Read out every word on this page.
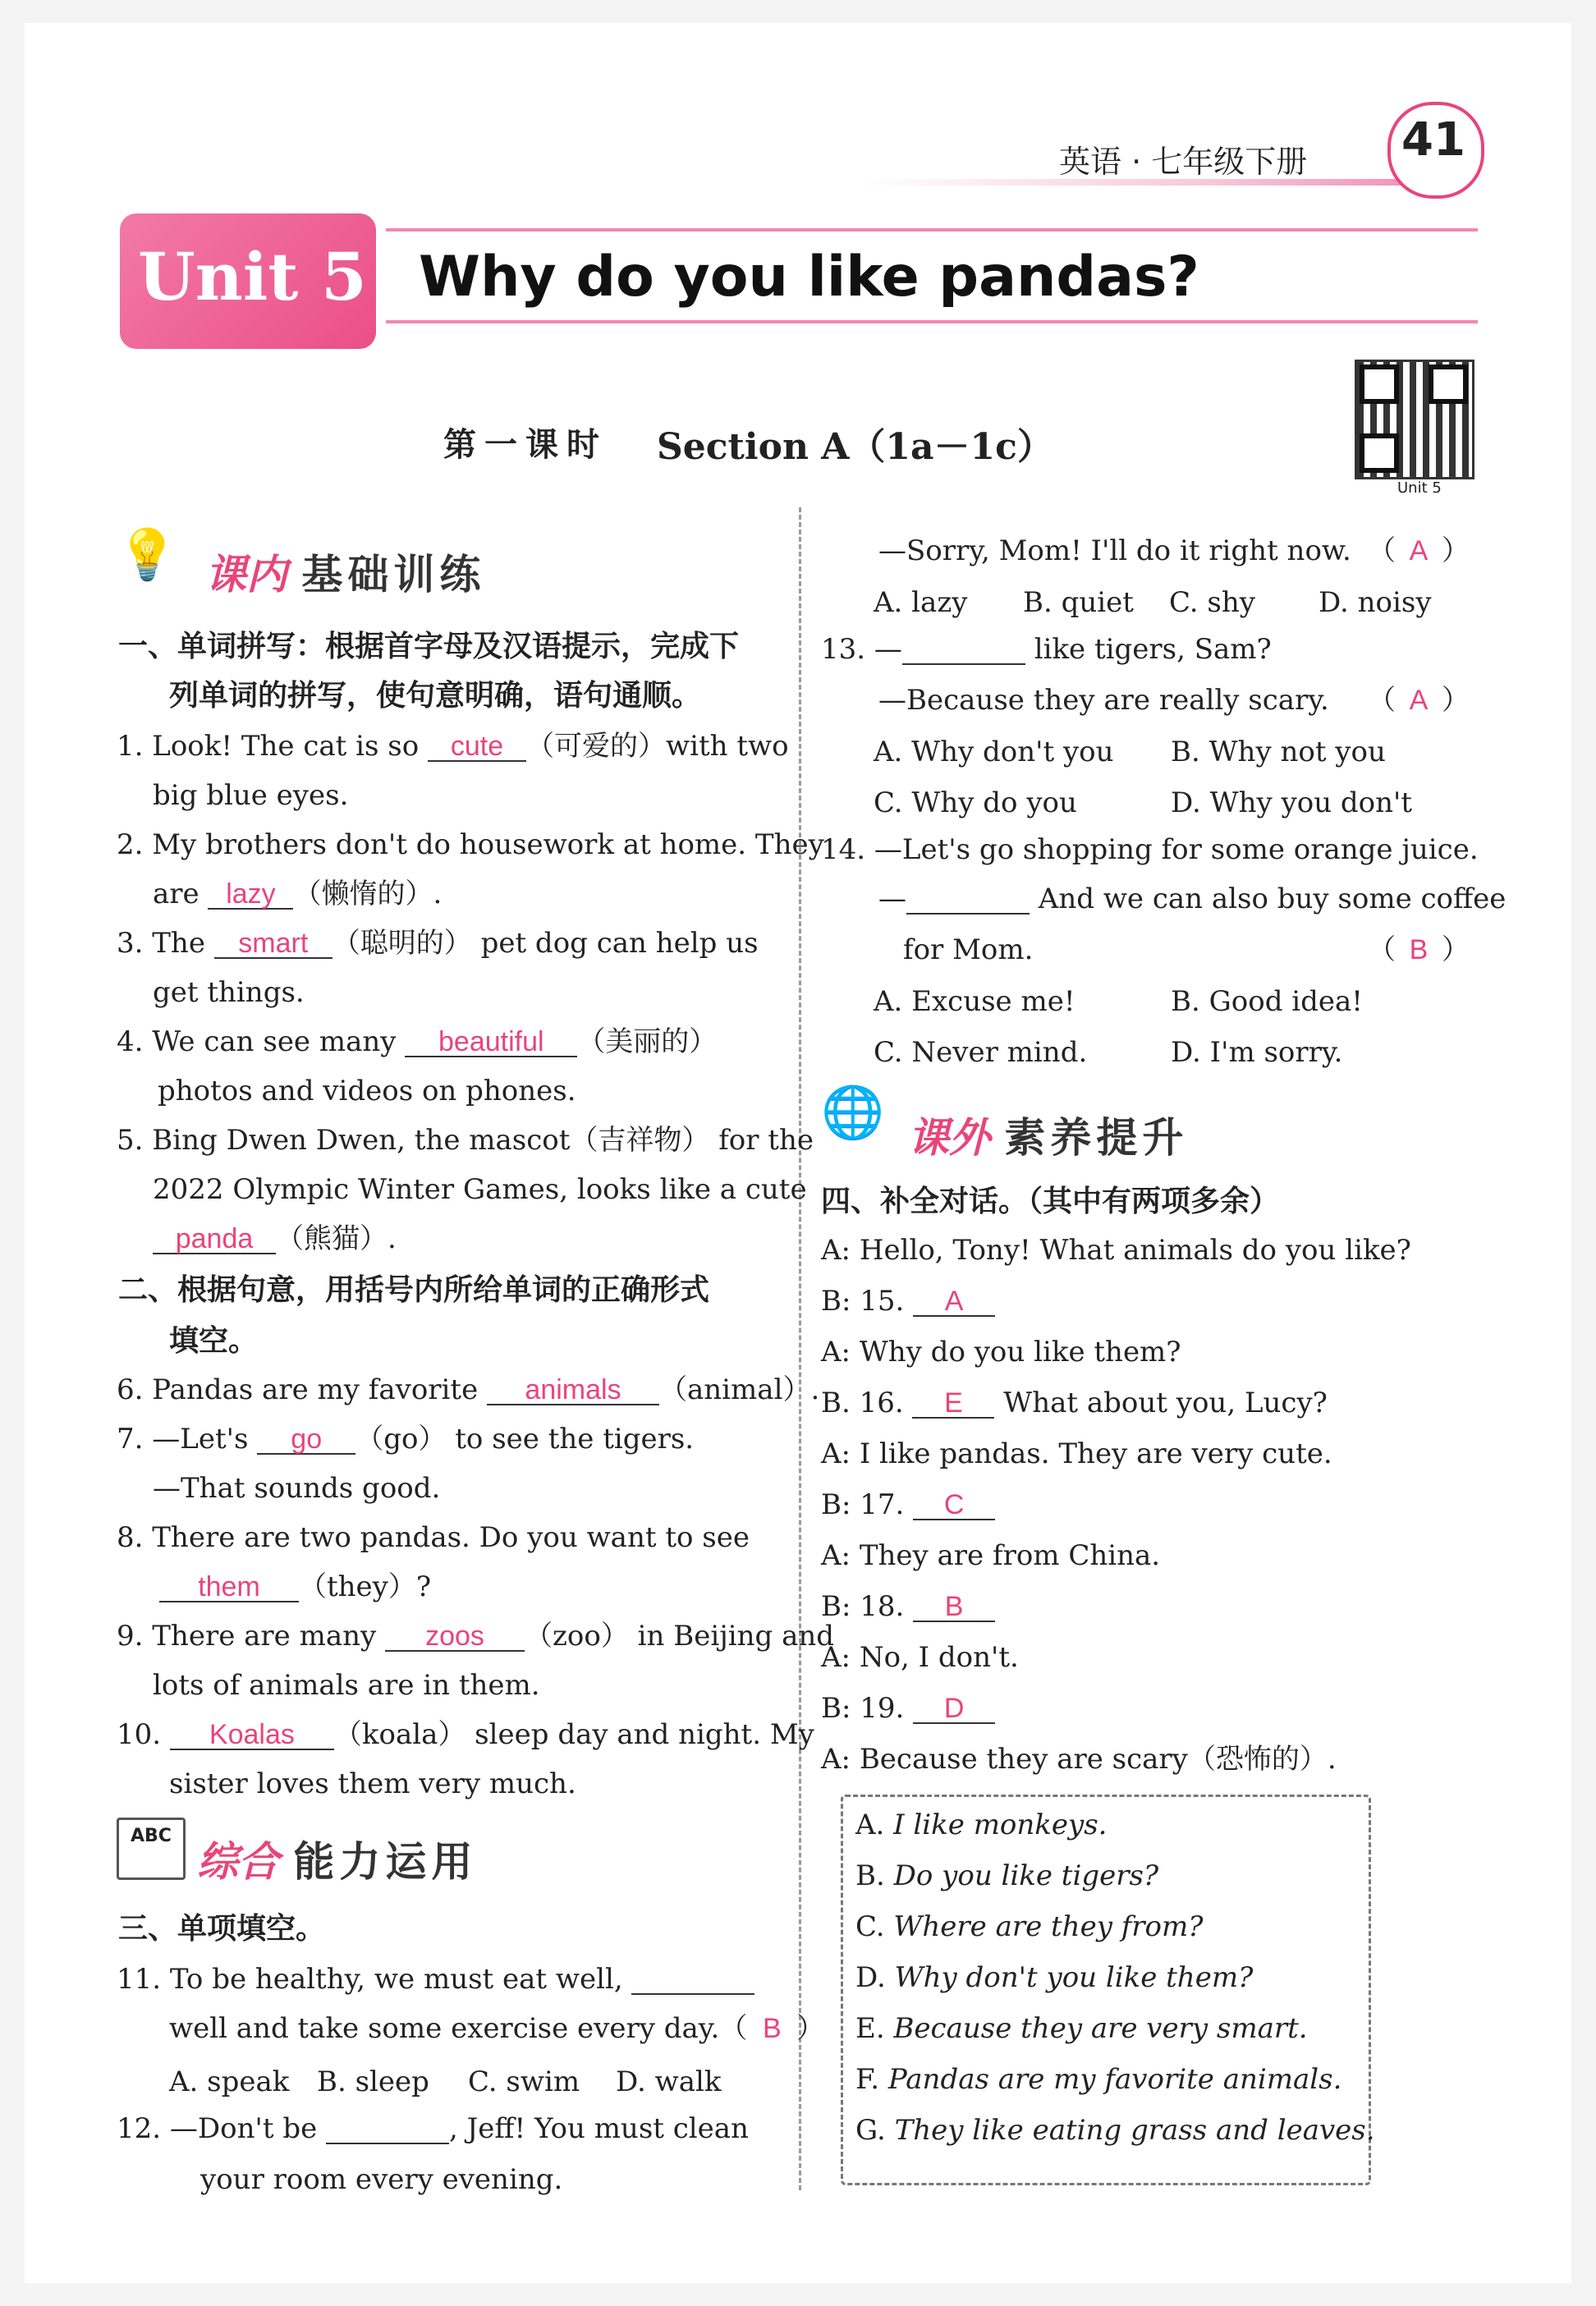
英语 · 七年级下册 41
Unit 5 Why do you like pandas?
Unit 5
第一课时 Section A（1a－1c）
💡 课内 基础训练
一、单词拼写：根据首字母及汉语提示，完成下
列单词的拼写，使句意明确，语句通顺。
1. Look! The cat is so cute （可爱的）with two
big blue eyes.
2. My brothers don't do housework at home. They
are lazy （懒惰的）.
3. The smart （聪明的） pet dog can help us
get things.
4. We can see many beautiful （美丽的）
photos and videos on phones.
5. Bing Dwen Dwen, the mascot（吉祥物） for the
2022 Olympic Winter Games, looks like a cute
panda （熊猫）.
二、根据句意，用括号内所给单词的正确形式
填空。
6. Pandas are my favorite animals （animal）.
7. —Let's go （go） to see the tigers.
—That sounds good.
8. There are two pandas. Do you want to see
them （they）?
9. There are many zoos （zoo） in Beijing and
lots of animals are in them.
10. Koalas （koala） sleep day and night. My
sister loves them very much.
ABC
综合 能力运用
三、单项填空。
11. To be healthy, we must eat well,
well and take some exercise every day.（ B ）
A. speak B. sleep C. swim D. walk
12. —Don't be	, Jeff! You must clean
your room every evening.
—Sorry, Mom! I'll do it right now. （ A ）
A. lazy B. quiet C. shy D. noisy
13. —	like tigers, Sam?
—Because they are really scary. （ A ）
A. Why don't you B. Why not you
C. Why do you	D. Why you don't
14. —Let's go shopping for some orange juice.
—	And we can also buy some coffee
for Mom.	（ B ）
A. Excuse me!	B. Good idea!
C. Never mind.	D. I'm sorry.
🌐 课外 素养提升
四、补全对话。（其中有两项多余）
A: Hello, Tony! What animals do you like?
B: 15. A
A: Why do you like them?
B. 16. E What about you, Lucy?
A: I like pandas. They are very cute.
B: 17. C
A: They are from China.
B: 18. B
A: No, I don't.
B: 19. D
A: Because they are scary（恐怖的）.
A. I like monkeys.
B. Do you like tigers?
C. Where are they from?
D. Why don't you like them?
E. Because they are very smart.
F. Pandas are my favorite animals.
G. They like eating grass and leaves.
